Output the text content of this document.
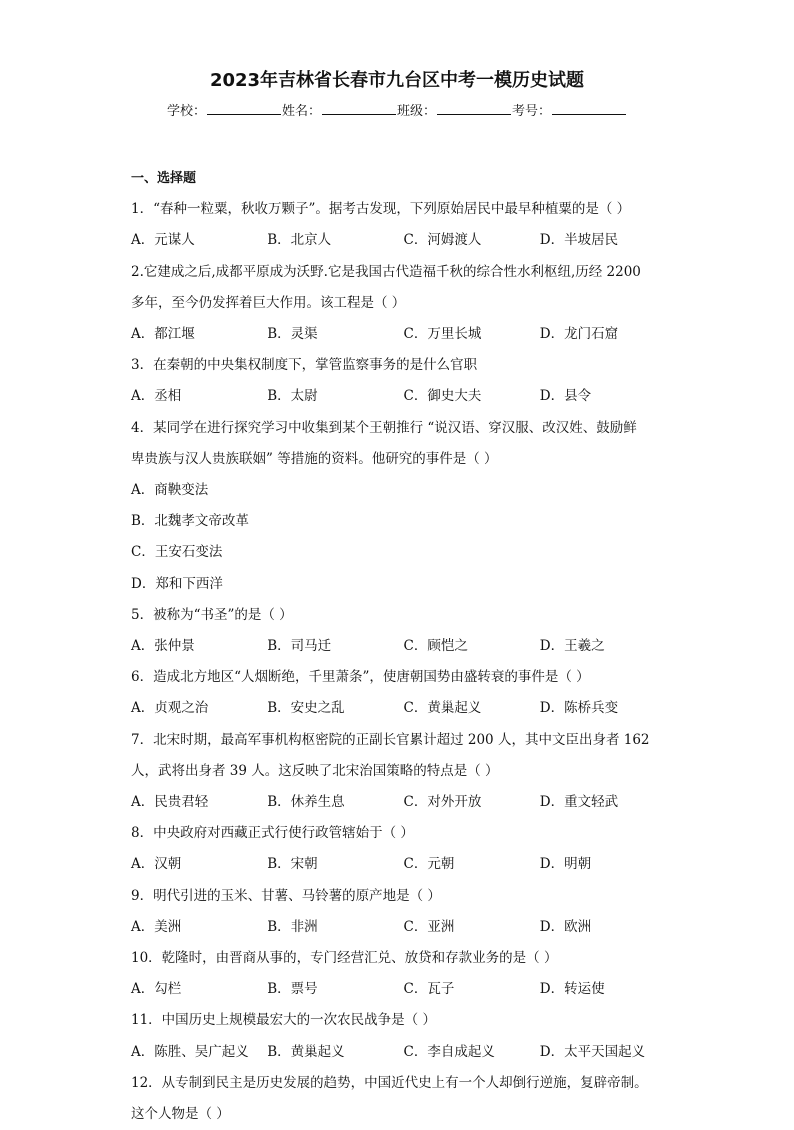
2023年吉林省长春市九台区中考一模历史试题
学校：	姓名：	班级：	考号：
一、选择题
1．“春种一粒粟，秋收万颗子”。据考古发现，下列原始居民中最早种植粟的是（ ）
A．元谋人	B．北京人	C．河姆渡人	D．半坡居民
2.它建成之后,成都平原成为沃野.它是我国古代造福千秋的综合性水利枢纽,历经 2200
多年，至今仍发挥着巨大作用。该工程是（ ）
A．都江堰	B．灵渠	C．万里长城	D．龙门石窟
3．在秦朝的中央集权制度下，掌管监察事务的是什么官职
A．丞相	B．太尉	C．御史大夫	D．县令
4．某同学在进行探究学习中收集到某个王朝推行 “说汉语、穿汉服、改汉姓、鼓励鲜
卑贵族与汉人贵族联姻” 等措施的资料。他研究的事件是（ ）
A．商鞅变法
B．北魏孝文帝改革
C．王安石变法
D．郑和下西洋
5．被称为“书圣”的是（ ）
A．张仲景	B．司马迁	C．顾恺之	D．王羲之
6．造成北方地区“人烟断绝，千里萧条”，使唐朝国势由盛转衰的事件是（ ）
A．贞观之治	B．安史之乱	C．黄巢起义	D．陈桥兵变
7．北宋时期，最高军事机构枢密院的正副长官累计超过 200 人，其中文臣出身者 162
人，武将出身者 39 人。这反映了北宋治国策略的特点是（ ）
A．民贵君轻	B．休养生息	C．对外开放	D．重文轻武
8．中央政府对西藏正式行使行政管辖始于（ ）
A．汉朝	B．宋朝	C．元朝	D．明朝
9．明代引进的玉米、甘薯、马铃薯的原产地是（ ）
A．美洲	B．非洲	C．亚洲	D．欧洲
10．乾隆时，由晋商从事的，专门经营汇兑、放贷和存款业务的是（ ）
A．勾栏	B．票号	C．瓦子	D．转运使
11．中国历史上规模最宏大的一次农民战争是（ ）
A．陈胜、吴广起义	B．黄巢起义	C．李自成起义	D．太平天国起义
12．从专制到民主是历史发展的趋势，中国近代史上有一个人却倒行逆施，复辟帝制。
这个人物是（ ）
